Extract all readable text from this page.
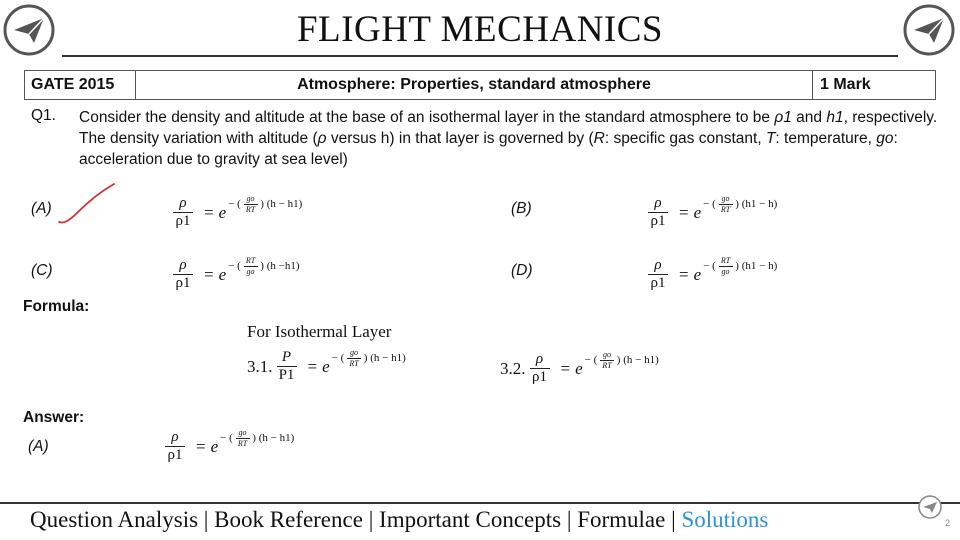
FLIGHT MECHANICS
GATE 2015	Atmosphere: Properties, standard atmosphere	1 Mark
Q1. Consider the density and altitude at the base of an isothermal layer in the standard atmosphere to be ρ1 and h1, respectively. The density variation with altitude (ρ versus h) in that layer is governed by (R: specific gas constant, T: temperature, go: acceleration due to gravity at sea level)
(A)	$\frac{\rho}{\rho 1} = e$ − ( $\frac{go}{RT}$ ) (h − h1)	(B)	$\frac{\rho}{\rho 1} = e$ − ( $\frac{go}{RT}$ ) (h1 − h)
(C)	$\frac{\rho}{\rho 1} = e$ − ( $\frac{RT}{go}$ ) (h −h1)	(D)	$\frac{\rho}{\rho 1} = e$ − ( $\frac{RT}{go}$ ) (h1 − h)
Formula:
For Isothermal Layer
3.1. $\frac{P}{P1} = e$ − ( $\frac{go}{RT}$ ) (h − h1)
3.2. $\frac{\rho}{\rho 1} = e$ − ( $\frac{go}{RT}$ ) (h − h1)
Answer:
(A)	$\frac{\rho}{\rho 1} = e$ − ( $\frac{go}{RT}$ ) (h − h1)
Question Analysis | Book Reference | Important Concepts | Formulae | Solutions	2
